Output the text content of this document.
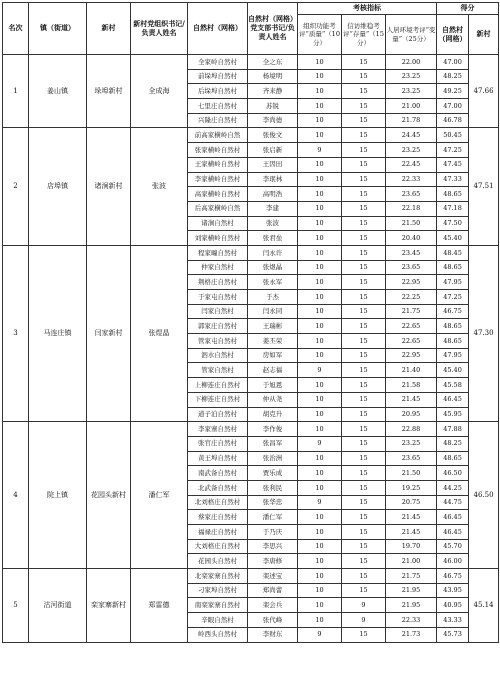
名次	镇（街道）	新村	新村党组织书记/负责人姓名	自然村（网格）	自然村（网格）党支部书记/负责人姓名	考核指标			得分	
						组织功能考评“质量”（10分）	信访维稳考评“存量”（15分）	人居环境考评“变量”（25分）	自然村（网格）	新村
1	姜山镇	垛埠新村	全成海	全家岭自然村	全之东	10	15	22.00	47.00	47.66
				前垛埠自然村	杨境明	10	15	23.25	48.25	
				后垛埠自然村	齐来静	10	15	23.25	49.25	
				七里庄自然村	苏锐	10	15	21.00	47.00	
				兴隆庄自然村	李尚德	10	15	21.78	46.78	
2	店埠镇	诸涧新村	张波	前高家横岭自然	张俊文	10	15	24.45	50.45	47.51
				张家横岭自然村	张启新	9	15	23.25	47.25	
				王家横岭自然村	王因田	10	15	22.45	47.45	
				李家横岭自然村	李珉林	10	15	22.33	47.33	
				高家横岭自然村	高明浩	10	15	23.65	48.65	
				后高家横岭自然	李建	10	15	22.18	47.18	
				诸涧自然村	张波	10	15	21.50	47.50	
				刘家横岭自然村	张君垒	10	15	20.40	45.40	
3	马连庄镇	闫家新村	张煜晶	程家疃自然村	闫永许	10	15	23.45	48.45	47.30
				仲家自然村	张煜晶	10	15	23.65	48.65	
				荆格庄自然村	张永军	10	15	22.95	47.95	
				于家屯自然村	于杰	10	15	22.25	47.25	
				闫家自然村	闫永同	10	15	21.75	46.75	
				郭家庄自然村	王瑞彬	10	15	22.65	48.65	
				管家屯自然村	姜丕荣	10	15	22.65	48.65	
				泗水自然村	房如军	10	15	22.95	47.95	
				管家自然村	赵志福	9	15	21.40	45.40	
				上柳连庄自然村	于旭恩	10	15	21.58	45.58	
				下柳连庄自然村	仲从尧	10	15	21.45	46.45	
				道子泊自然村	胡克升	10	15	20.95	45.95	
4	院上镇	花园头新村	潘仁军	李家寨自然村	李作俊	10	15	22.88	47.88	46.50
				张官庄自然村	张昌军	9	15	23.25	48.25	
				黄王埠自然村	张治洲	10	15	23.65	48.65	
				南武备自然村	贾乐成	10	15	21.50	46.50	
				北武备自然村	张利民	10	15	19.25	44.25	
				北刘格庄自然村	张华忠	9	15	20.75	44.75	
				蔡家庄自然村	潘仁军	10	15	21.45	46.45	
				福禄庄自然村	于乃庆	10	15	21.45	46.45	
				大刘格庄自然村	李思兴	10	15	19.70	45.70	
				花园头自然村	李唐修	10	15	21.00	46.00	
5	沽河街道	栾家寨新村	郑雷德	北栾家寨自然村	栾述宝	10	15	21.75	46.75	45.14
				刁家埠自然村	郑尚蕾	10	15	21.95	43.95	
				南栾家寨自然村	栾会兵	10	9	21.95	40.95	
				辛眼自然村	张代峰	10	9	22.33	43.33	
				岭西头自然村	李财东	9	15	21.73	45.73	
